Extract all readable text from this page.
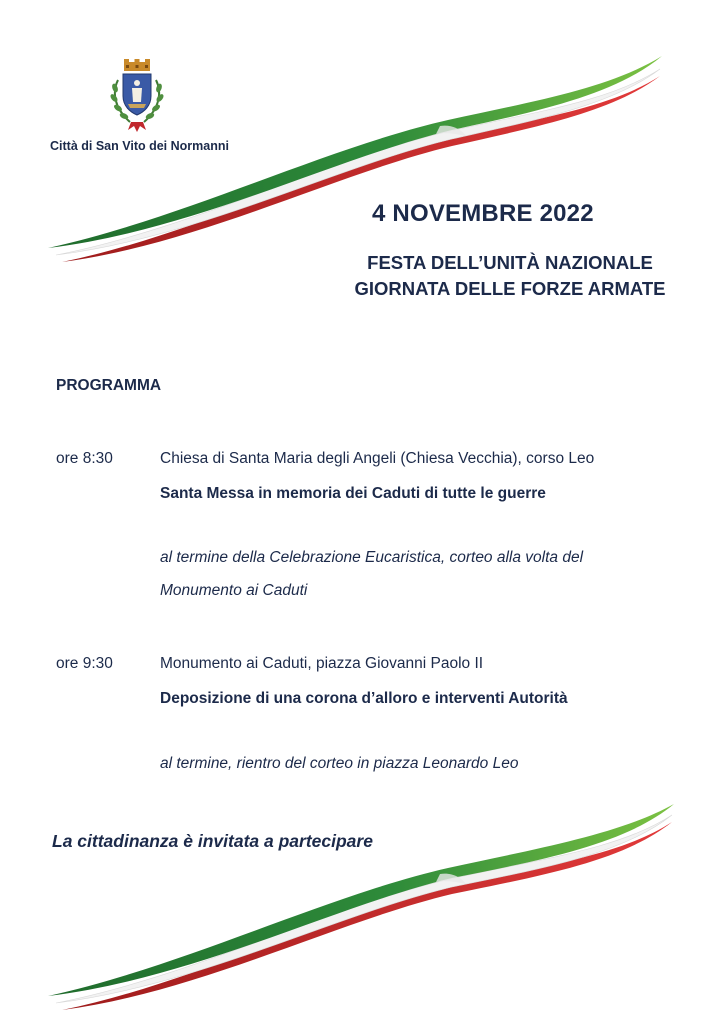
Città di San Vito dei Normanni
4 NOVEMBRE 2022
FESTA DELL’UNITÀ NAZIONALE
GIORNATA DELLE FORZE ARMATE
PROGRAMMA
ore 8:30	Chiesa di Santa Maria degli Angeli (Chiesa Vecchia), corso Leo
Santa Messa in memoria dei Caduti di tutte le guerre
al termine della Celebrazione Eucaristica, corteo alla volta del
Monumento ai Caduti
ore 9:30	Monumento ai Caduti, piazza Giovanni Paolo II
Deposizione di una corona d’alloro e interventi Autorità
al termine, rientro del corteo in piazza Leonardo Leo
La cittadinanza è invitata a partecipare
